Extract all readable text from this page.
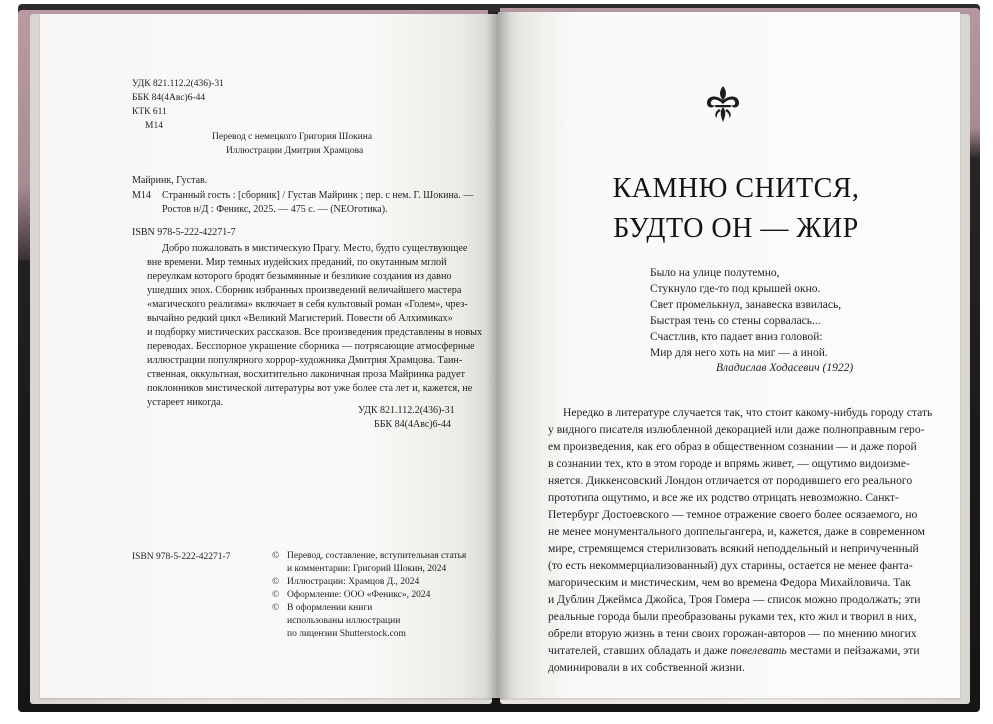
УДК 821.112.2(436)-31
ББК 84(4Авс)6-44
КТК 611
М14
Перевод с немецкого Григория Шокина
Иллюстрации Дмитрия Храмцова
Майринк, Густав.
М14 Странный гость : [сборник] / Густав Майринк ; пер. с нем. Г. Шокина. —
Ростов н/Д : Феникс, 2025. — 475 с. — (NEOготика).
ISBN 978-5-222-42271-7
Добро пожаловать в мистическую Прагу. Место, будто существующее
вне времени. Мир темных иудейских преданий, по окутанным мглой
переулкам которого бродят безымянные и безликие создания из давно
ушедших эпох. Сборник избранных произведений величайшего мастера
«магического реализма» включает в себя культовый роман «Голем», чрез-
вычайно редкий цикл «Великий Магистерий. Повести об Алхимиках»
и подборку мистических рассказов. Все произведения представлены в новых
переводах. Бесспорное украшение сборника — потрясающие атмосферные
иллюстрации популярного хоррор-художника Дмитрия Храмцова. Таин-
ственная, оккультная, восхитительно лаконичная проза Майринка радует
поклонников мистической литературы вот уже более ста лет и, кажется, не
устареет никогда.
УДК 821.112.2(436)-31
ББК 84(4Авс)6-44
ISBN 978-5-222-42271-7	© Перевод, составление, вступительная статья
и комментарии: Григорий Шокин, 2024
© Иллюстрации: Храмцов Д., 2024
© Оформление: ООО «Феникс», 2024
© В оформлении книги
использованы иллюстрации
по лицензии Shutterstock.com
КАМНЮ СНИТСЯ,
БУДТО ОН — ЖИР
Было на улице полутемно,
Стукнуло где-то под крышей окно.
Свет промелькнул, занавеска взвилась,
Быстрая тень со стены сорвалась...
Счастлив, кто падает вниз головой:
Мир для него хоть на миг — а иной.
Владислав Ходасевич (1922)
Нередко в литературе случается так, что стоит какому-нибудь городу стать
у видного писателя излюбленной декорацией или даже полноправным геро-
ем произведения, как его образ в общественном сознании — и даже порой
в сознании тех, кто в этом городе и впрямь живет, — ощутимо видоизме-
няется. Диккенсовский Лондон отличается от породившего его реального
прототипа ощутимо, и все же их родство отрицать невозможно. Санкт-
Петербург Достоевского — темное отражение своего более осязаемого, но
не менее монументального доппельгангера, и, кажется, даже в современном
мире, стремящемся стерилизовать всякий неподдельный и непричученный
(то есть некоммерциализованный) дух старины, остается не менее фанта-
магорическим и мистическим, чем во времена Федора Михайловича. Так
и Дублин Джеймса Джойса, Троя Гомера — список можно продолжать; эти
реальные города были преобразованы руками тех, кто жил и творил в них,
обрели вторую жизнь в тени своих горожан-авторов — по мнению многих
читателей, ставших обладать и даже повелевать местами и пейзажами, эти
доминировали в их собственной жизни.
